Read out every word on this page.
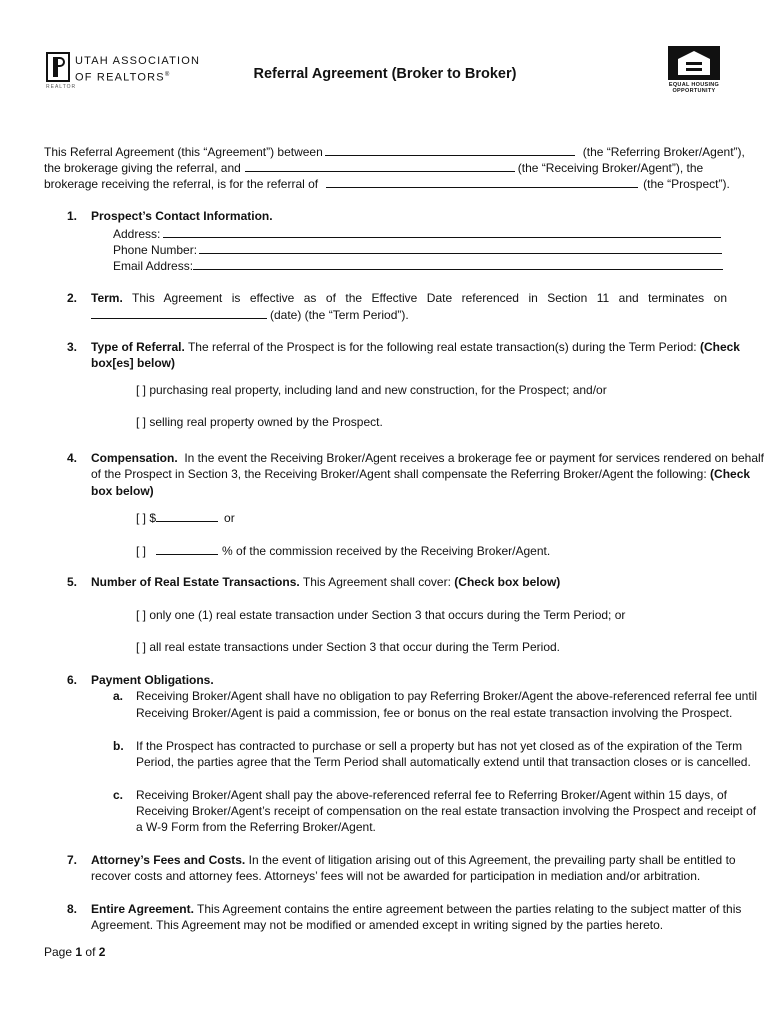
UTAH ASSOCIATION
OF REALTORS®
REALTOR
Referral Agreement (Broker to Broker)
EQUAL HOUSING
OPPORTUNITY
This Referral Agreement (this “Agreement”) between	(the “Referring Broker/Agent”),
the brokerage giving the referral, and	(the “Receiving Broker/Agent”), the
brokerage receiving the referral, is for the referral of	(the “Prospect”).
1. Prospect’s Contact Information.
Address:
Phone Number:
Email Address:
2. Term. This Agreement is effective as of the Effective Date referenced in Section 11 and terminates on
(date) (the “Term Period”).
3. Type of Referral. The referral of the Prospect is for the following real estate transaction(s) during the Term Period: (Check
box[es] below)
[ ] purchasing real property, including land and new construction, for the Prospect; and/or
[ ] selling real property owned by the Prospect.
4. Compensation. In the event the Receiving Broker/Agent receives a brokerage fee or payment for services rendered on behalf
of the Prospect in Section 3, the Receiving Broker/Agent shall compensate the Referring Broker/Agent the following: (Check
box below)
[ ] $	or
[ ]	% of the commission received by the Receiving Broker/Agent.
5. Number of Real Estate Transactions. This Agreement shall cover: (Check box below)
[ ] only one (1) real estate transaction under Section 3 that occurs during the Term Period; or
[ ] all real estate transactions under Section 3 that occur during the Term Period.
6. Payment Obligations.
a. Receiving Broker/Agent shall have no obligation to pay Referring Broker/Agent the above-referenced referral fee until
Receiving Broker/Agent is paid a commission, fee or bonus on the real estate transaction involving the Prospect.
b. If the Prospect has contracted to purchase or sell a property but has not yet closed as of the expiration of the Term
Period, the parties agree that the Term Period shall automatically extend until that transaction closes or is cancelled.
c. Receiving Broker/Agent shall pay the above-referenced referral fee to Referring Broker/Agent within 15 days, of
Receiving Broker/Agent’s receipt of compensation on the real estate transaction involving the Prospect and receipt of
a W-9 Form from the Referring Broker/Agent.
7. Attorney’s Fees and Costs. In the event of litigation arising out of this Agreement, the prevailing party shall be entitled to
recover costs and attorney fees. Attorneys’ fees will not be awarded for participation in mediation and/or arbitration.
8. Entire Agreement. This Agreement contains the entire agreement between the parties relating to the subject matter of this
Agreement. This Agreement may not be modified or amended except in writing signed by the parties hereto.
Page 1 of 2
